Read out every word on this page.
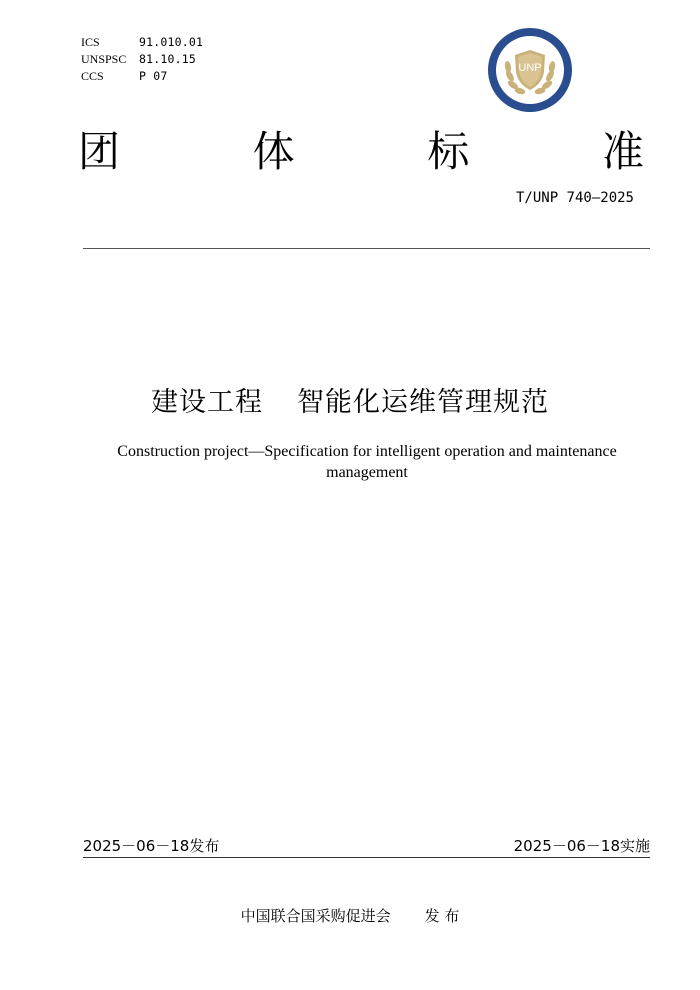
ICS	91.010.01
UNSPSC	81.10.15
CCS	P 07
UNP
团	体	标	准
T/UNP 740—2025
建设工程 智能化运维管理规范
Construction project—Specification for intelligent operation and maintenance management
2025－06－18发布	2025－06－18实施
中国联合国采购促进会 发 布
